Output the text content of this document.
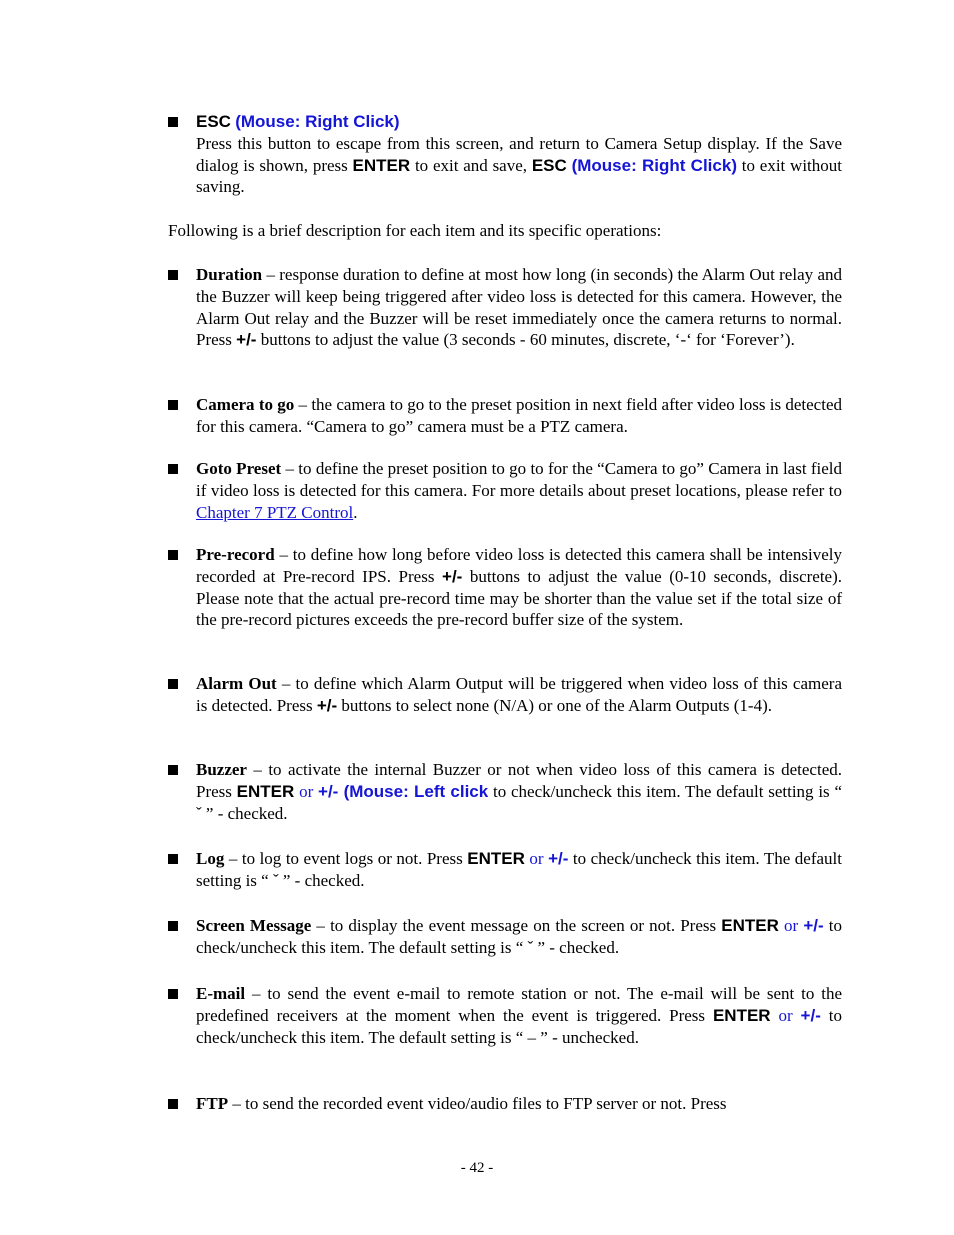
ESC (Mouse: Right Click)
Press this button to escape from this screen, and return to Camera Setup display. If the Save dialog is shown, press ENTER to exit and save, ESC (Mouse: Right Click) to exit without saving.
Following is a brief description for each item and its specific operations:
Duration – response duration to define at most how long (in seconds) the Alarm Out relay and the Buzzer will keep being triggered after video loss is detected for this camera. However, the Alarm Out relay and the Buzzer will be reset immediately once the camera returns to normal. Press +/- buttons to adjust the value (3 seconds - 60 minutes, discrete, ‘-‘ for ‘Forever’).
Camera to go – the camera to go to the preset position in next field after video loss is detected for this camera. “Camera to go” camera must be a PTZ camera.
Goto Preset – to define the preset position to go to for the “Camera to go” Camera in last field if video loss is detected for this camera. For more details about preset locations, please refer to Chapter 7 PTZ Control.
Pre-record – to define how long before video loss is detected this camera shall be intensively recorded at Pre-record IPS. Press +/- buttons to adjust the value (0-10 seconds, discrete). Please note that the actual pre-record time may be shorter than the value set if the total size of the pre-record pictures exceeds the pre-record buffer size of the system.
Alarm Out – to define which Alarm Output will be triggered when video loss of this camera is detected. Press +/- buttons to select none (N/A) or one of the Alarm Outputs (1-4).
Buzzer – to activate the internal Buzzer or not when video loss of this camera is detected. Press ENTER or +/- (Mouse: Left click to check/uncheck this item. The default setting is “ ˇ ” - checked.
Log – to log to event logs or not. Press ENTER or +/- to check/uncheck this item. The default setting is “ ˇ ” - checked.
Screen Message – to display the event message on the screen or not. Press ENTER or +/- to check/uncheck this item. The default setting is “ ˇ ” - checked.
E-mail – to send the event e-mail to remote station or not. The e-mail will be sent to the predefined receivers at the moment when the event is triggered. Press ENTER or +/- to check/uncheck this item. The default setting is “ – ” - unchecked.
FTP – to send the recorded event video/audio files to FTP server or not. Press
- 42 -
